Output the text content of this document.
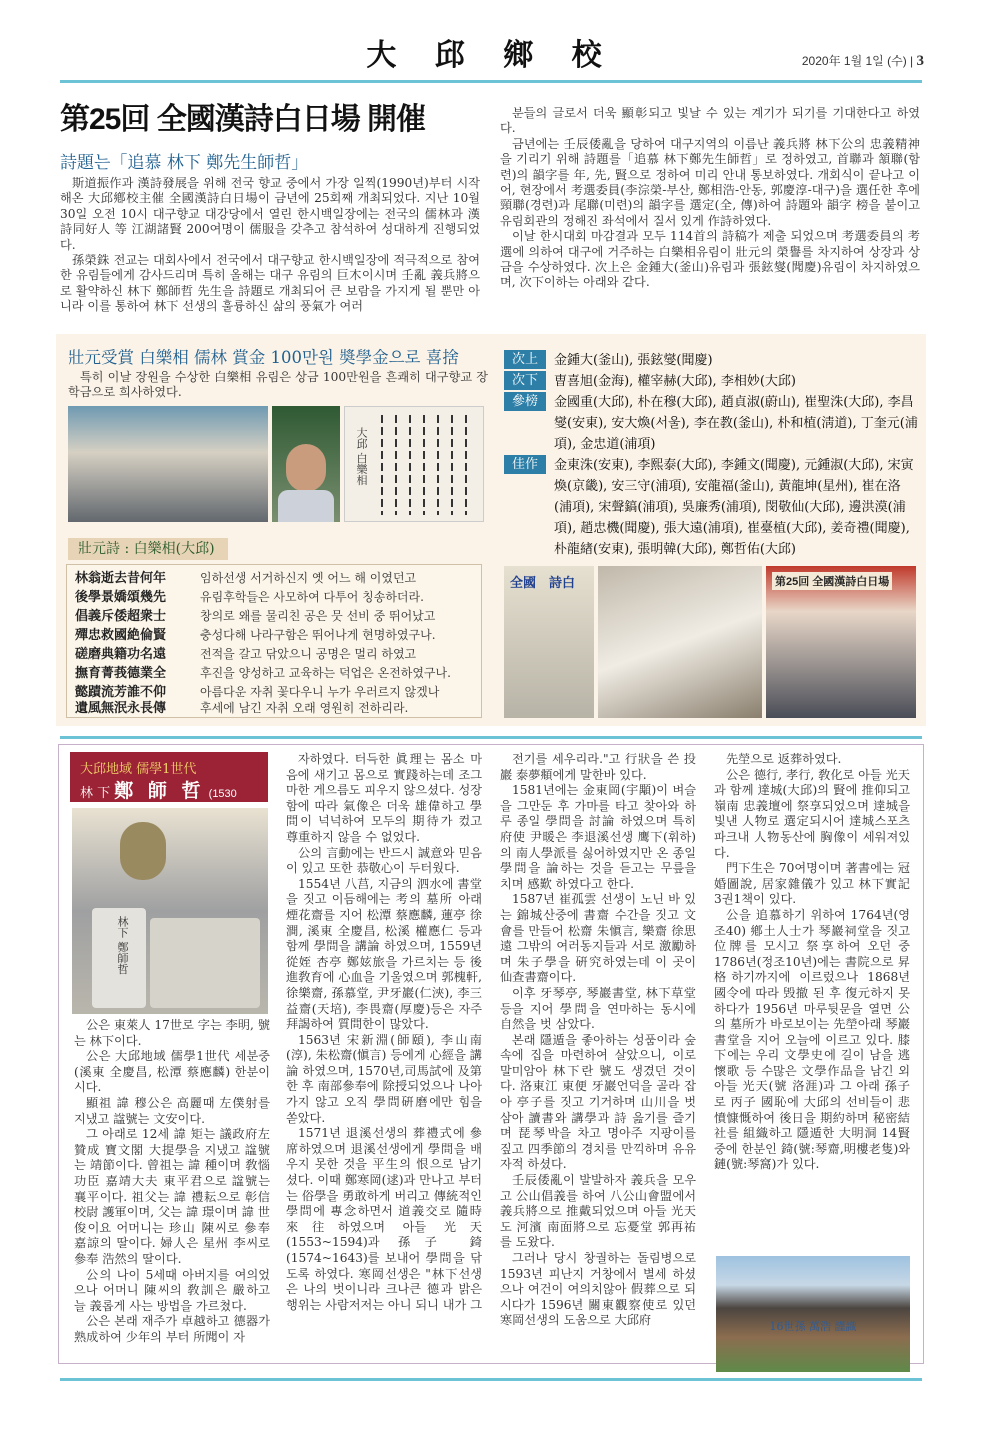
大 邱 鄉 校	2020年 1월 1일 (수) | 3
第25回 全國漢詩白日場 開催
詩題는「追慕 林下 鄭先生師哲」

斯道振作과 漢詩發展을 위해 전국 향교 중에서 가장 일찍(1990년)부터 시작해온 大邱鄕校主催 全國漢詩白日場이 금년에 25회째 개최되었다. 지난 10월 30일 오전 10시 대구향교 대강당에서 열린 한시백일장에는 전국의 儒林과 漢詩同好人 等 江湖諸賢 200여명이 儒服을 갖추고 참석하여 성대하게 진행되었다.

孫榮銖 전교는 대회사에서 전국에서 대구향교 한시백일장에 적극적으로 참여한 유림들에게 감사드리며 특히 올해는 대구 유림의 巨木이시며 壬亂 義兵將으로 활약하신 林下 鄭師哲 先生을 詩題로 개최되어 큰 보람을 가지게 될 뿐만 아니라 이를 통하여 林下 선생의 훌륭하신 삶의 풍氣가 여러

분들의 글로서 더욱 顯彰되고 빛날 수 있는 계기가 되기를 기대한다고 하였다.

금년에는 壬辰倭亂을 당하여 대구지역의 이름난 義兵將 林下公의 忠義精神을 기리기 위해 詩題를「追慕 林下鄭先生師哲」로 정하였고, 首聯과 頷聯(함련)의 韻字를 年, 先, 賢으로 정하여 미리 안내 통보하였다. 개회식이 끝나고 이어, 현장에서 考選委員(李淙榮-부산, 鄭相浩-안동, 郭慶淳-대구)을 選任한 후에 頸聯(경련)과 尾聯(미련)의 韻字를 選定(全, 傳)하여 詩題와 韻字 榜을 붙이고 유림회관의 정해진 좌석에서 질서 있게 作詩하였다.

이날 한시대회 마감결과 모두 114首의 詩稿가 제출 되었으며 考選委員의 考選에 의하여 대구에 거주하는 白樂相유림이 壯元의 榮譽를 차지하여 상장과 상금을 수상하였다. 次上은 金鍾大(釜山)유림과 張鉉燮(聞慶)유림이 차지하였으며, 次下이하는 아래와 같다.

壯元受賞 白樂相 儒林 賞金 100만원 奬學金으로 喜捨
특히 이날 장원을 수상한 白樂相 유림은 상금 100만원을 흔쾌히 대구향교 장학금으로 희사하였다.
大邱 白樂相
壯元詩 : 白樂相(大邱)
林翁逝去昔何年	임하선생 서거하신지 옛 어느 해 이였던고
後學景嬌頌幾先	유림후학들은 사모하여 다투어 칭송하더라.
倡義斥倭超衆士	창의로 왜를 물리친 공은 뭇 선비 중 뛰어났고
殫忠救國絶倫賢	충성다해 나라구함은 뛰어나게 현명하였구나.
磋磨典籍功名遠	전적을 갈고 닦았으니 공명은 멀리 하였고
撫育菁莪德業全	후진을 양성하고 교육하는 덕업은 온전하였구나.
懿蹟流芳誰不仰	아름다운 자취 꽃다우니 누가 우러르지 않겠나
遺風無泯永長傳	후세에 남긴 자취 오래 영원히 전하리라.
次上	金鍾大(釜山), 張鉉燮(聞慶)
次下	曺喜旭(金海), 權宰赫(大邱), 李相妙(大邱)
參榜	金國重(大邱), 朴在穆(大邱), 趙貞淑(蔚山), 崔聖洙(大邱), 李昌燮(安東), 安大煥(서울), 李在教(釜山), 朴和植(淸道), 丁奎元(浦項), 金忠道(浦項)
佳作	金東洙(安東), 李熙泰(大邱), 李鍾文(聞慶), 元鍾淑(大邱), 宋寅煥(京畿), 安三守(浦項), 安龍福(釜山), 黃龍坤(星州), 崔在洛(浦項), 宋聲鎬(浦項), 吳廉秀(浦項), 閔敬仙(大邱), 邊洪漠(浦項), 趙忠機(聞慶), 張大遠(浦項), 崔臺植(大邱), 姜奇禮(聞慶), 朴龍緖(安東), 張明韓(大邱), 鄭哲佑(大邱)
全國　詩白	第25回 全國漢詩白日場
大邱地域 儒學1世代
林 下 鄭 師 哲 (1530
林下 鄭師哲

公은 東萊人 17世로 字는 李明, 號는 林下이다.

公은 大邱地域 儒學1世代 세분중(溪東 全慶昌, 松潭 蔡應麟) 한분이시다.

顯祖 諱 穆公은 高麗때 左僕射를 지냈고 諡號는 文安이다.

그 아래로 12세 諱 矩는 議政府左贊成 寶文閣 大提學을 지냈고 諡號는 靖節이다. 曾祖는 諱 種이며 敎惱功臣 嘉靖大夫 東平君으로 諡號는 襄平이다. 祖父는 諱 禮耘으로 彰信校尉 護軍이며, 父는 諱 璟이며 諱 世俊이요 어머니는 珍山 陳씨로 參奉 嘉諒의 딸이다. 婦人은 星州 李씨로 參奉 浩然의 딸이다.

公의 나이 5세때 아버지를 여의었으나 어머니 陳씨의 敎訓은 嚴하고 늘 義롭게 사는 방법을 가르쳤다.

公은 본래 재주가 卓越하고 德器가 熟成하여 少年의 부터 所聞이 자

자하였다. 터득한 眞理는 몸소 마음에 새기고 몸으로 實踐하는데 조그마한 게으름도 피우지 않으셨다. 성장함에 따라 氣像은 더욱 雄偉하고 學問이 넉넉하여 모두의 期待가 컸고 尊重하지 않을 수 없었다.

公의 言動에는 반드시 誠意와 믿음이 있고 또한 恭敬心이 두터웠다.

1554년 八莒, 지금의 泗水에 書堂을 짓고 이듬해에는 考의 墓所 아래 煙花齋를 지어 松潭 蔡應麟, 蓮亭 徐 澗, 溪東 全慶昌, 松溪 權應仁 등과 함께 學問을 講論 하였으며, 1559년 從姪 杏亭 鄭妶旅을 가르치는 등 後進敎育에 心血을 기울였으며 郭槐軒, 徐樂齋, 孫慕堂, 尹牙巖(仁浹), 李三益齋(天培), 李畏齋(厚慶)등은 자주 拜謁하여 質問한이 많았다.

1563년 宋新淵(師頤), 李山南(淳), 朱松齋(愼言) 등에게 心經을 講論 하였으며, 1570년,司馬試에 及第한 후 南部參奉에 除授되었으나 나아가지 않고 오직 學問硏磨에만 힘을 쏟았다.

1571년 退溪선생의 葬禮式에 參席하였으며 退溪선생에게 學問을 배우지 못한 것을 平生의 恨으로 남기셨다. 이때 鄭寒岡(逑)과 만나고 부터는 俗學을 勇敢하게 버리고 傳統적인 學問에 專念하면서 道義交로 隨時 來往하였으며 아들 光天(1553~1594)과 孫子 錡(1574~1643)를 보내어 學問을 닦도록 하였다. 寒岡선생은 "林下선생은 나의 벗이니라 크나큰 德과 밝은 행위는 사람저저는 아니 되니 내가 그

전기를 세우리라."고 行狀을 쓴 投巖 泰夢頫에게 말한바 있다.

1581년에는 金東岡(宇顒)이 벼슬을 그만둔 후 가마를 타고 찾아와 하루 종일 學問을 討論 하였으며 특히 府使 尹暖은 李退溪선생 鹰下(휘하)의 南人學派를 싫어하였지만 온 종일 學問을 論하는 것을 듣고는 무릎을 치며 感歎 하였다고 한다.

1587년 崔孤雲 선생이 노닌 바 있는 錦城산중에 書齋 수간을 짓고 文會를 만들어 松齋 朱愼言, 樂齋 徐思遠 그밖의 여러동지들과 서로 激勵하며 朱子學을 硏究하였는데 이 곳이 仙查書齋이다.

이후 牙琴亭, 琴巖書堂, 林下草堂 등을 지어 學問을 연마하는 동시에 自然을 벗 삼았다.

본래 隱遁을 좋아하는 성품이라 숲속에 집을 마련하여 살았으니, 이로 말미암아 林下란 號도 생겼던 것이다. 洛東江 東便 牙巖언덕을 골라 잡아 亭子를 짓고 기거하며 山川을 벗 삼아 讀書와 講學과 詩 읊기를 즐기며 琵琴박을 차고 명아주 지팡이를 짚고 四季節의 경치를 만끽하며 유유자적 하셨다.

壬辰倭亂이 발발하자 義兵을 모우고 公山倡義를 하여 八公山會盟에서 義兵將으로 推戴되었으며 아들 光天도 河濱 南面將으로 忘憂堂 郭再祐를 도왔다.

그러나 당시 창궐하는 돌림병으로 1593년 피난지 거창에서 별세 하셨으나 여건이 여의치않아 假葬으로 되시다가 1596년 關東觀察使로 있던 寒岡선생의 도움으로 大邱府

先塋으로 返葬하였다.

公은 德行, 孝行, 敎化로 아들 光天과 함께 達城(大邱)의 賢에 推仰되고 嶺南 忠義壇에 祭享되었으며 達城을 빛낸 人物로 選定되시어 達城스포츠파크내 人物동산에 胸像이 세워져있다.

門下生은 70여명이며 著書에는 冠婚圖說, 居家雜儀가 있고 林下實記 3권1책이 있다.

公을 追慕하기 위하여 1764년(영조40) 鄕土人士가 琴巖祠堂을 짓고 位牌를 모시고 祭享하여 오던 중 1786년(정조10년)에는 書院으로 昇格하기까지에 이르렀으나 1868년 國令에 따라 毁撤 된 후 復元하지 못하다가 1956년 마루뒷문을 열면 公의 墓所가 바로보이는 先塋아래 琴巖書堂을 지어 오늘에 이르고 있다. 膝下에는 우리 文學史에 길이 남을 逃懷歌 등 수많은 文學作品을 남긴 외아들 光天(號 洛涯)과 그 아래 孫子로 丙子 國恥에 大邱의 선비들이 悲憤慷慨하여 後日을 期約하며 秘密結社를 組織하고 隱遁한 大明洞 14賢중에 한분인 錡(號:琴齋,明樓老隻)와 鏈(號:琴窩)가 있다.

16世孫 萬浩 謹識
